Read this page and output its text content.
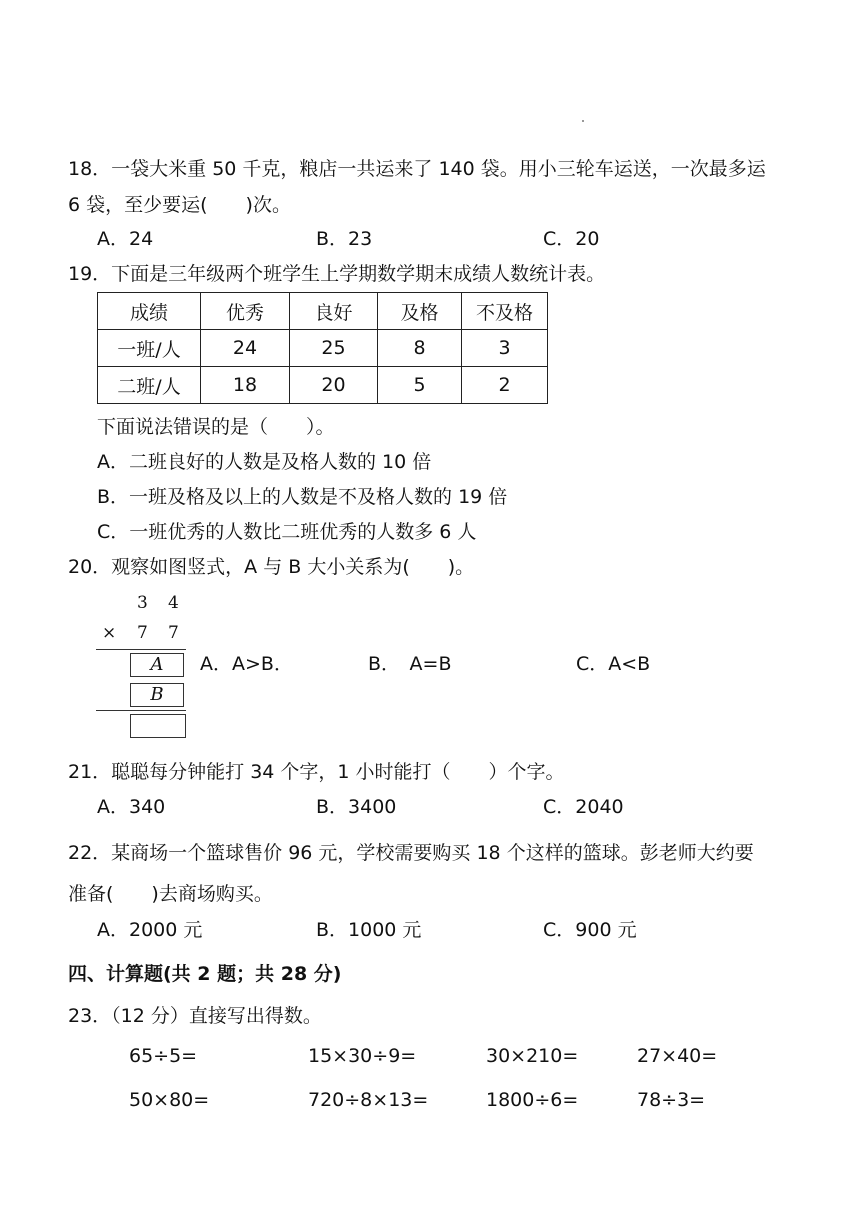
18．一袋大米重 50 千克，粮店一共运来了 140 袋。用小三轮车运送，一次最多运
6 袋，至少要运(　　)次。
A．24	B．23	C．20
19．下面是三年级两个班学生上学期数学期末成绩人数统计表。
成绩	优秀	良好	及格	不及格
一班/人	24	25	8	3
二班/人	18	20	5	2
下面说法错误的是（　　）。
A．二班良好的人数是及格人数的 10 倍
B．一班及格及以上的人数是不及格人数的 19 倍
C．一班优秀的人数比二班优秀的人数多 6 人
20．观察如图竖式，A 与 B 大小关系为(　　)。
3 4
× 7 7
A
B
A．A>B．	B．　A=B	C．A<B
21．聪聪每分钟能打 34 个字，1 小时能打（　　）个字。
A．340	B．3400	C．2040
22．某商场一个篮球售价 96 元，学校需要购买 18 个这样的篮球。彭老师大约要
准备(　　)去商场购买。
A．2000 元	B．1000 元	C．900 元
四、计算题(共 2 题；共 28 分)
23．（12 分）直接写出得数。
65÷5=	15×30÷9=	30×210=	27×40=
50×80=	720÷8×13=	1800÷6=	78÷3=
